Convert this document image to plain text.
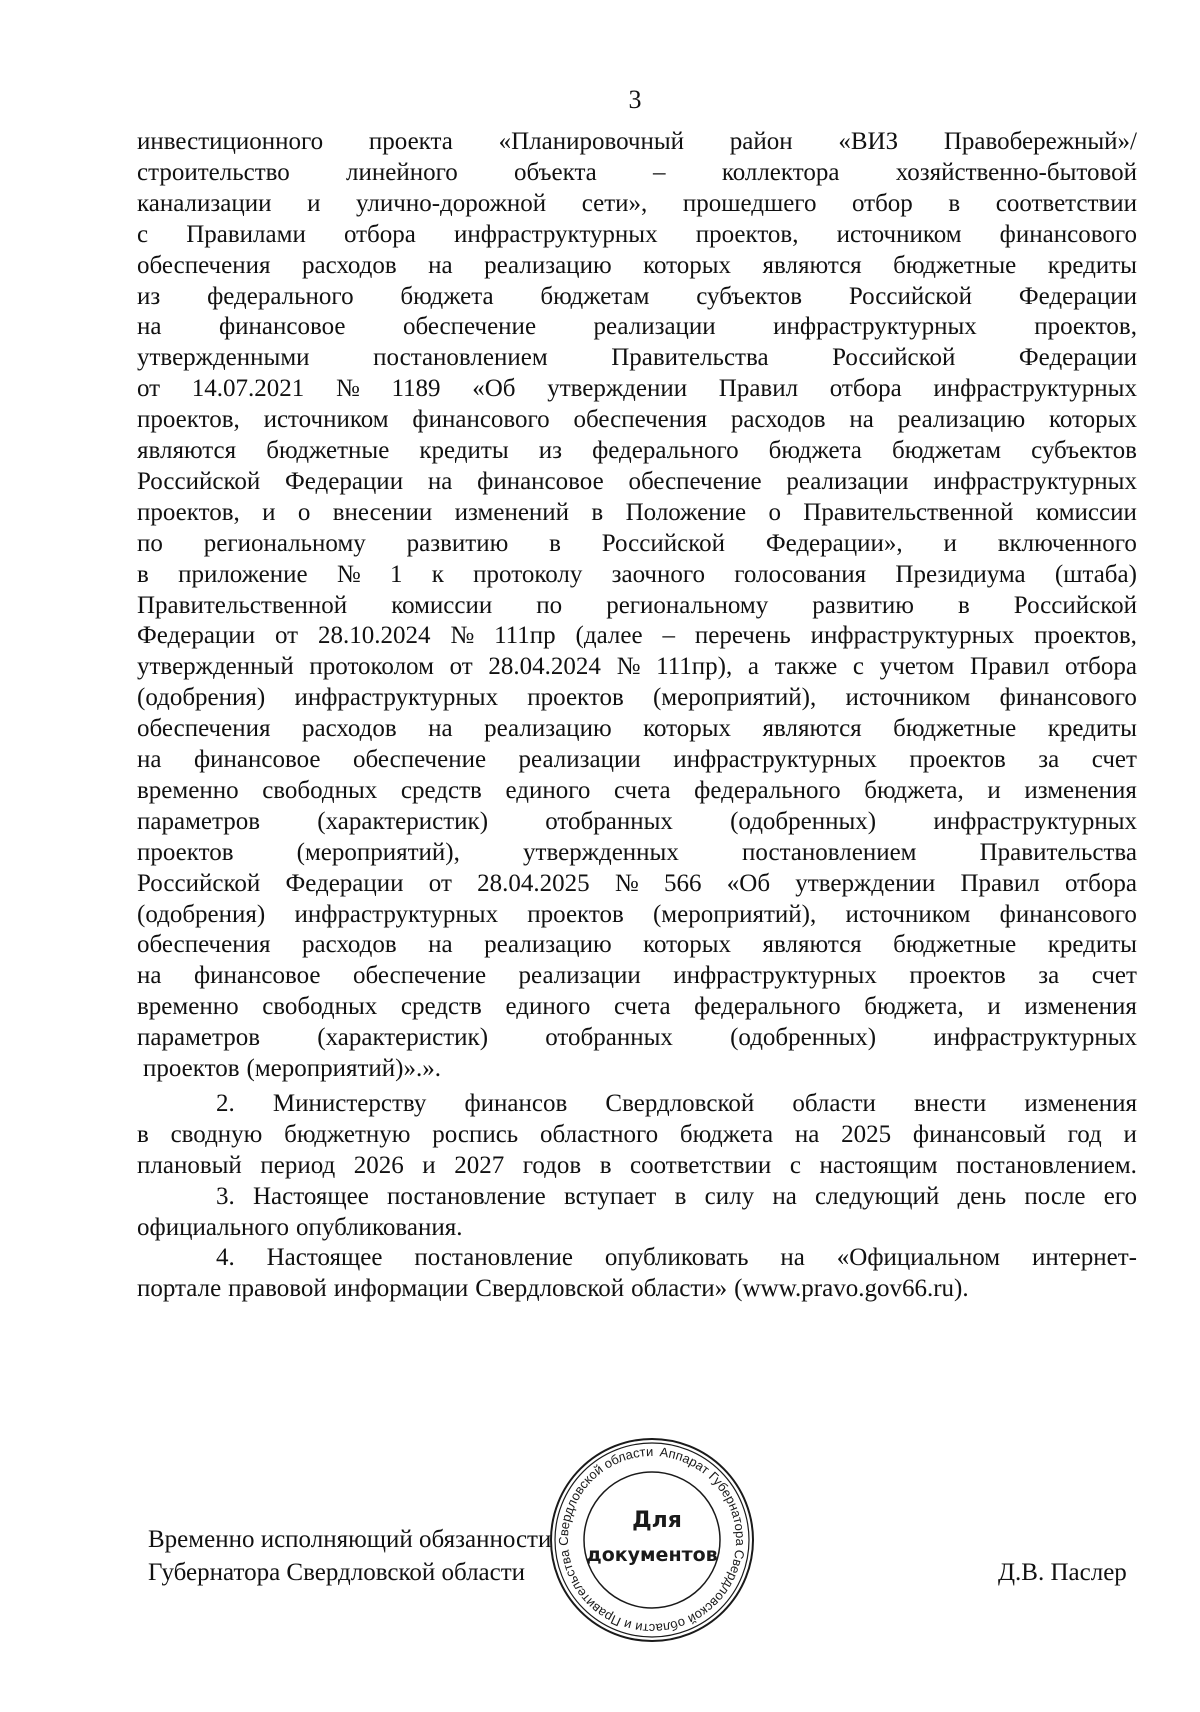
3
инвестиционного проекта «Планировочный район «ВИЗ Правобережный»/
строительство линейного объекта – коллектора хозяйственно-бытовой
канализации и улично-дорожной сети», прошедшего отбор в соответствии
с Правилами отбора инфраструктурных проектов, источником финансового
обеспечения расходов на реализацию которых являются бюджетные кредиты
из федерального бюджета бюджетам субъектов Российской Федерации
на финансовое обеспечение реализации инфраструктурных проектов,
утвержденными	постановлением	Правительства	Российской	Федерации
от 14.07.2021 № 1189 «Об утверждении Правил отбора инфраструктурных
проектов, источником финансового обеспечения расходов на реализацию которых
являются бюджетные кредиты из федерального бюджета бюджетам субъектов
Российской Федерации на финансовое обеспечение реализации инфраструктурных
проектов, и о внесении изменений в Положение о Правительственной комиссии
по региональному развитию в Российской Федерации», и включенного
в приложение № 1 к протоколу заочного голосования Президиума (штаба)
Правительственной комиссии по региональному развитию в Российской
Федерации от 28.10.2024 № 111пр (далее – перечень инфраструктурных проектов,
утвержденный протоколом от 28.04.2024 № 111пр), а также с учетом Правил отбора
(одобрения) инфраструктурных проектов (мероприятий), источником финансового
обеспечения расходов на реализацию которых являются бюджетные кредиты
на финансовое обеспечение реализации инфраструктурных проектов за счет
временно свободных средств единого счета федерального бюджета, и изменения
параметров (характеристик) отобранных (одобренных) инфраструктурных
проектов	(мероприятий),	утвержденных	постановлением	Правительства
Российской Федерации от 28.04.2025 № 566 «Об утверждении Правил отбора
(одобрения) инфраструктурных проектов (мероприятий), источником финансового
обеспечения расходов на реализацию которых являются бюджетные кредиты
на финансовое обеспечение реализации инфраструктурных проектов за счет
временно свободных средств единого счета федерального бюджета, и изменения
параметров (характеристик) отобранных (одобренных) инфраструктурных
проектов (мероприятий)».».
2. Министерству финансов Свердловской области внести изменения
в сводную бюджетную роспись областного бюджета на 2025 финансовый год и
плановый период 2026 и 2027 годов в соответствии с настоящим постановлением.
3. Настоящее постановление вступает в силу на следующий день после его
официального опубликования.
4. Настоящее постановление опубликовать на «Официальном интернет-
портале правовой информации Свердловской области» (www.pravo.gov66.ru).
Временно исполняющий обязанности
Губернатора Свердловской области	Д.В. Паслер
Аппарат Губернатора Свердловской области и Правительства Свердловской области
Для
документов
